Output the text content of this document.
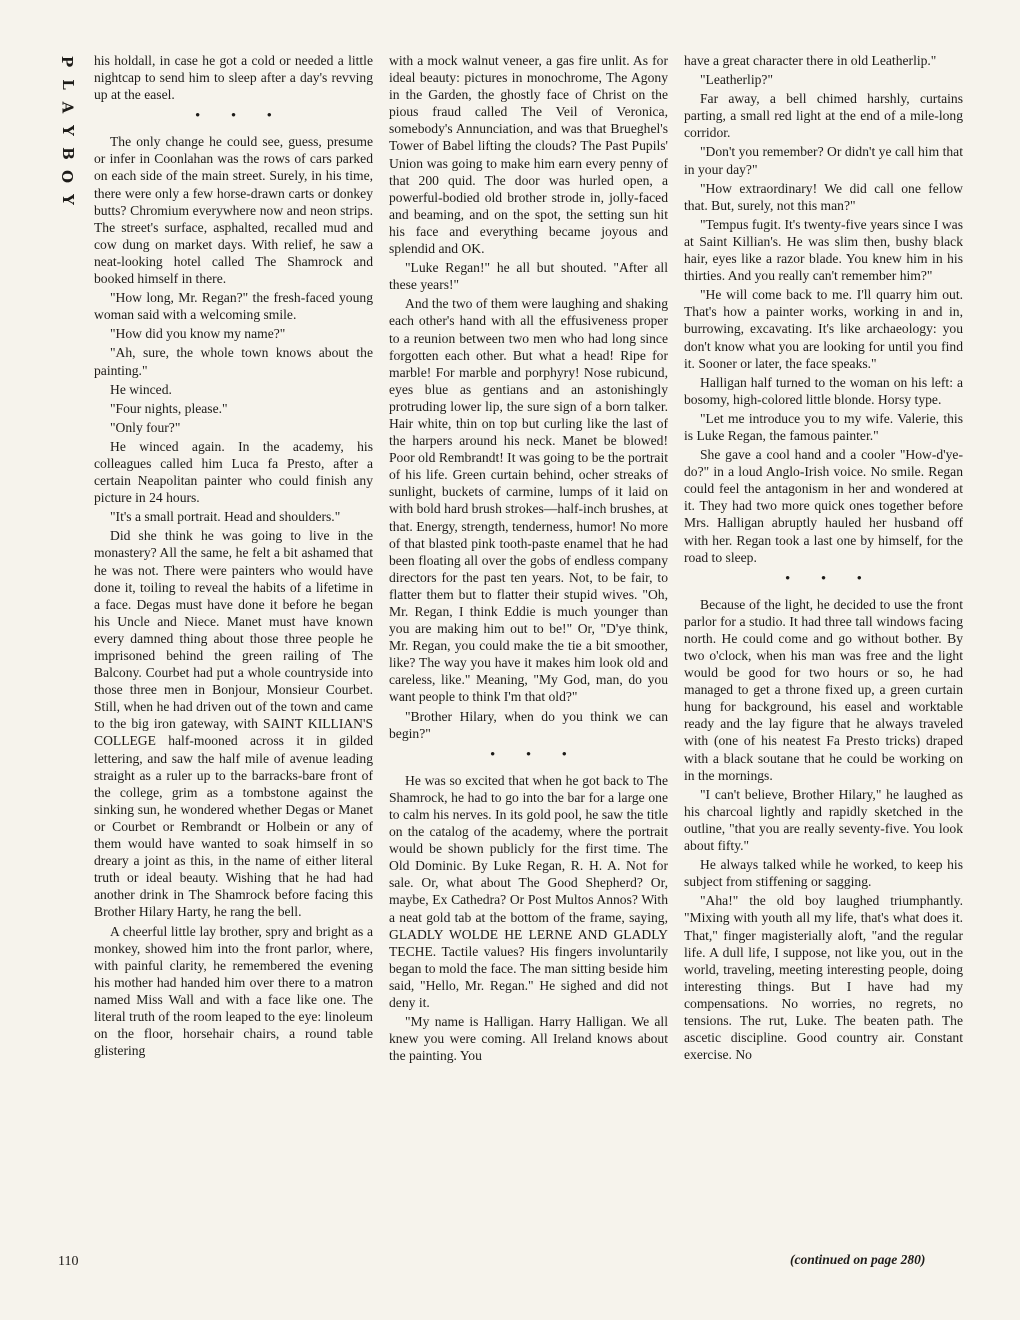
P
L
A
Y
B
O
Y

his holdall, in case he got a cold or needed a little nightcap to send him to sleep after a day's revving up at the easel.

• • •

The only change he could see, guess, presume or infer in Coonlahan was the rows of cars parked on each side of the main street. Surely, in his time, there were only a few horse-drawn carts or donkey butts? Chromium everywhere now and neon strips. The street's surface, asphalted, recalled mud and cow dung on market days. With relief, he saw a neat-looking hotel called The Shamrock and booked himself in there.

"How long, Mr. Regan?" the fresh-faced young woman said with a welcoming smile.

"How did you know my name?"

"Ah, sure, the whole town knows about the painting."

He winced.

"Four nights, please."

"Only four?"

He winced again. In the academy, his colleagues called him Luca fa Presto, after a certain Neapolitan painter who could finish any picture in 24 hours.

"It's a small portrait. Head and shoulders."

Did she think he was going to live in the monastery? All the same, he felt a bit ashamed that he was not. There were painters who would have done it, toiling to reveal the habits of a lifetime in a face. Degas must have done it before he began his Uncle and Niece. Manet must have known every damned thing about those three people he imprisoned behind the green railing of The Balcony. Courbet had put a whole countryside into those three men in Bonjour, Monsieur Courbet. Still, when he had driven out of the town and came to the big iron gateway, with SAINT KILLIAN'S COLLEGE half-mooned across it in gilded lettering, and saw the half mile of avenue leading straight as a ruler up to the barracks-bare front of the college, grim as a tombstone against the sinking sun, he wondered whether Degas or Manet or Courbet or Rembrandt or Holbein or any of them would have wanted to soak himself in so dreary a joint as this, in the name of either literal truth or ideal beauty. Wishing that he had had another drink in The Shamrock before facing this Brother Hilary Harty, he rang the bell.

A cheerful little lay brother, spry and bright as a monkey, showed him into the front parlor, where, with painful clarity, he remembered the evening his mother had handed him over there to a matron named Miss Wall and with a face like one. The literal truth of the room leaped to the eye: linoleum on the floor, horsehair chairs, a round table glistering

with a mock walnut veneer, a gas fire unlit. As for ideal beauty: pictures in monochrome, The Agony in the Garden, the ghostly face of Christ on the pious fraud called The Veil of Veronica, somebody's Annunciation, and was that Brueghel's Tower of Babel lifting the clouds? The Past Pupils' Union was going to make him earn every penny of that 200 quid. The door was hurled open, a powerful-bodied old brother strode in, jolly-faced and beaming, and on the spot, the setting sun hit his face and everything became joyous and splendid and OK.

"Luke Regan!" he all but shouted. "After all these years!"

And the two of them were laughing and shaking each other's hand with all the effusiveness proper to a reunion between two men who had long since forgotten each other. But what a head! Ripe for marble! For marble and porphyry! Nose rubicund, eyes blue as gentians and an astonishingly protruding lower lip, the sure sign of a born talker. Hair white, thin on top but curling like the last of the harpers around his neck. Manet be blowed! Poor old Rembrandt! It was going to be the portrait of his life. Green curtain behind, ocher streaks of sunlight, buckets of carmine, lumps of it laid on with bold hard brush strokes—half-inch brushes, at that. Energy, strength, tenderness, humor! No more of that blasted pink tooth-paste enamel that he had been floating all over the gobs of endless company directors for the past ten years. Not, to be fair, to flatter them but to flatter their stupid wives. "Oh, Mr. Regan, I think Eddie is much younger than you are making him out to be!" Or, "D'ye think, Mr. Regan, you could make the tie a bit smoother, like? The way you have it makes him look old and careless, like." Meaning, "My God, man, do you want people to think I'm that old?"

"Brother Hilary, when do you think we can begin?"

• • •

He was so excited that when he got back to The Shamrock, he had to go into the bar for a large one to calm his nerves. In its gold pool, he saw the title on the catalog of the academy, where the portrait would be shown publicly for the first time. The Old Dominic. By Luke Regan, R. H. A. Not for sale. Or, what about The Good Shepherd? Or, maybe, Ex Cathedra? Or Post Multos Annos? With a neat gold tab at the bottom of the frame, saying, GLADLY WOLDE HE LERNE AND GLADLY TECHE. Tactile values? His fingers involuntarily began to mold the face. The man sitting beside him said, "Hello, Mr. Regan." He sighed and did not deny it.

"My name is Halligan. Harry Halligan. We all knew you were coming. All Ireland knows about the painting. You

have a great character there in old Leatherlip."

"Leatherlip?"

Far away, a bell chimed harshly, curtains parting, a small red light at the end of a mile-long corridor.

"Don't you remember? Or didn't ye call him that in your day?"

"How extraordinary! We did call one fellow that. But, surely, not this man?"

"Tempus fugit. It's twenty-five years since I was at Saint Killian's. He was slim then, bushy black hair, eyes like a razor blade. You knew him in his thirties. And you really can't remember him?"

"He will come back to me. I'll quarry him out. That's how a painter works, working in and in, burrowing, excavating. It's like archaeology: you don't know what you are looking for until you find it. Sooner or later, the face speaks."

Halligan half turned to the woman on his left: a bosomy, high-colored little blonde. Horsy type.

"Let me introduce you to my wife. Valerie, this is Luke Regan, the famous painter."

She gave a cool hand and a cooler "How-d'ye-do?" in a loud Anglo-Irish voice. No smile. Regan could feel the antagonism in her and wondered at it. They had two more quick ones together before Mrs. Halligan abruptly hauled her husband off with her. Regan took a last one by himself, for the road to sleep.

• • •

Because of the light, he decided to use the front parlor for a studio. It had three tall windows facing north. He could come and go without bother. By two o'clock, when his man was free and the light would be good for two hours or so, he had managed to get a throne fixed up, a green curtain hung for background, his easel and worktable ready and the lay figure that he always traveled with (one of his neatest Fa Presto tricks) draped with a black soutane that he could be working on in the mornings.

"I can't believe, Brother Hilary," he laughed as his charcoal lightly and rapidly sketched in the outline, "that you are really seventy-five. You look about fifty."

He always talked while he worked, to keep his subject from stiffening or sagging.

"Aha!" the old boy laughed triumphantly. "Mixing with youth all my life, that's what does it. That," finger magisterially aloft, "and the regular life. A dull life, I suppose, not like you, out in the world, traveling, meeting interesting people, doing interesting things. But I have had my compensations. No worries, no regrets, no tensions. The rut, Luke. The beaten path. The ascetic discipline. Good country air. Constant exercise. No

110	(continued on page 280)
